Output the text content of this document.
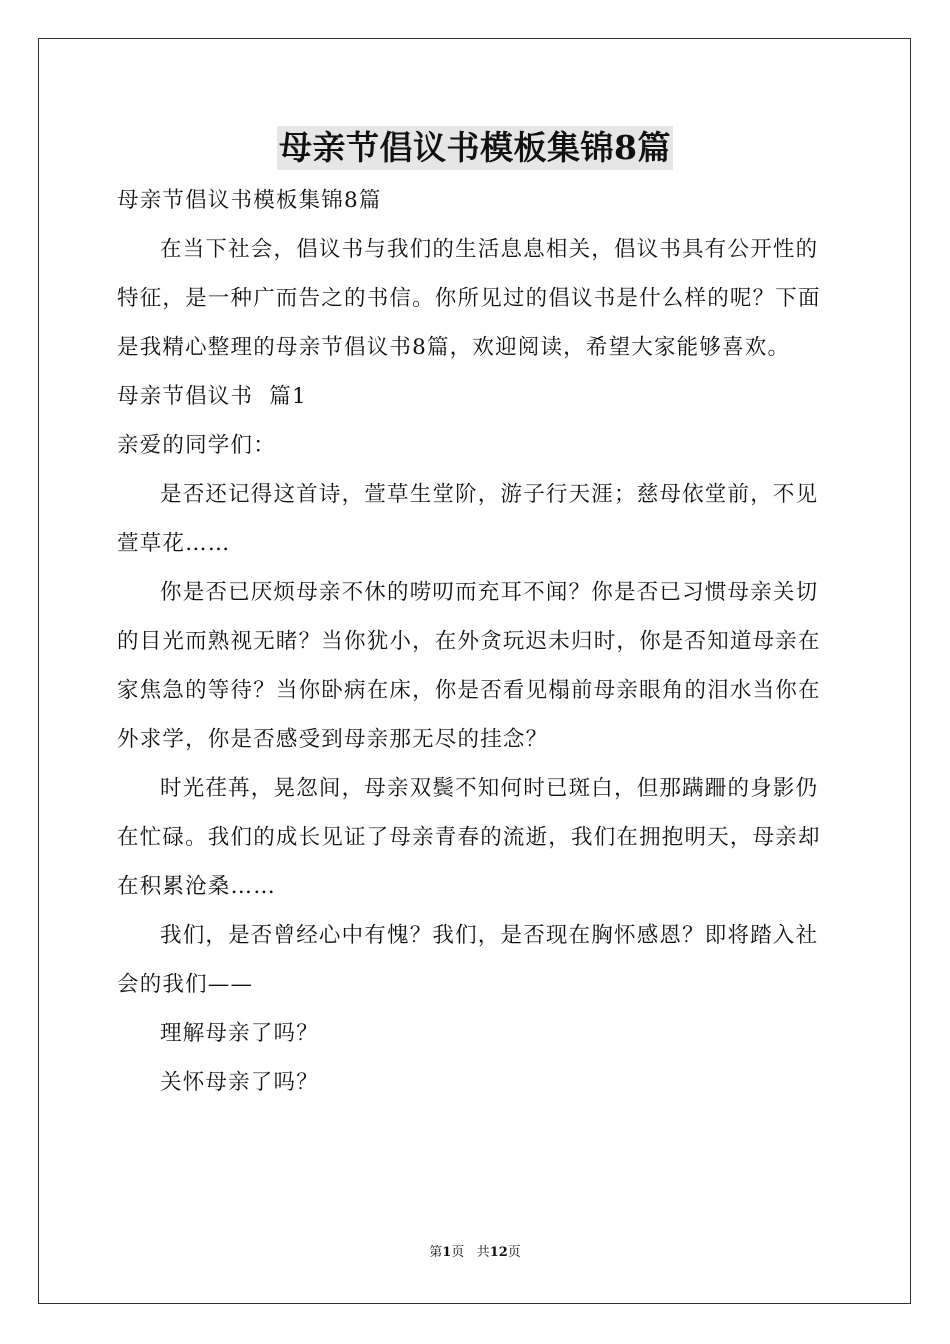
母亲节倡议书模板集锦8篇

母亲节倡议书模板集锦8篇

在当下社会，倡议书与我们的生活息息相关，倡议书具有公开性的特征，是一种广而告之的书信。你所见过的倡议书是什么样的呢？下面是我精心整理的母亲节倡议书8篇，欢迎阅读，希望大家能够喜欢。

母亲节倡议书  篇1

亲爱的同学们：

是否还记得这首诗，萱草生堂阶，游子行天涯；慈母依堂前，不见萱草花……

你是否已厌烦母亲不休的唠叨而充耳不闻？你是否已习惯母亲关切的目光而熟视无睹？当你犹小，在外贪玩迟未归时，你是否知道母亲在家焦急的等待？当你卧病在床，你是否看见榻前母亲眼角的泪水当你在外求学，你是否感受到母亲那无尽的挂念？

时光荏苒，晃忽间，母亲双鬓不知何时已斑白，但那蹒跚的身影仍在忙碌。我们的成长见证了母亲青春的流逝，我们在拥抱明天，母亲却在积累沧桑……

我们，是否曾经心中有愧？我们，是否现在胸怀感恩？即将踏入社会的我们——

理解母亲了吗？

关怀母亲了吗？

第1页 共12页
